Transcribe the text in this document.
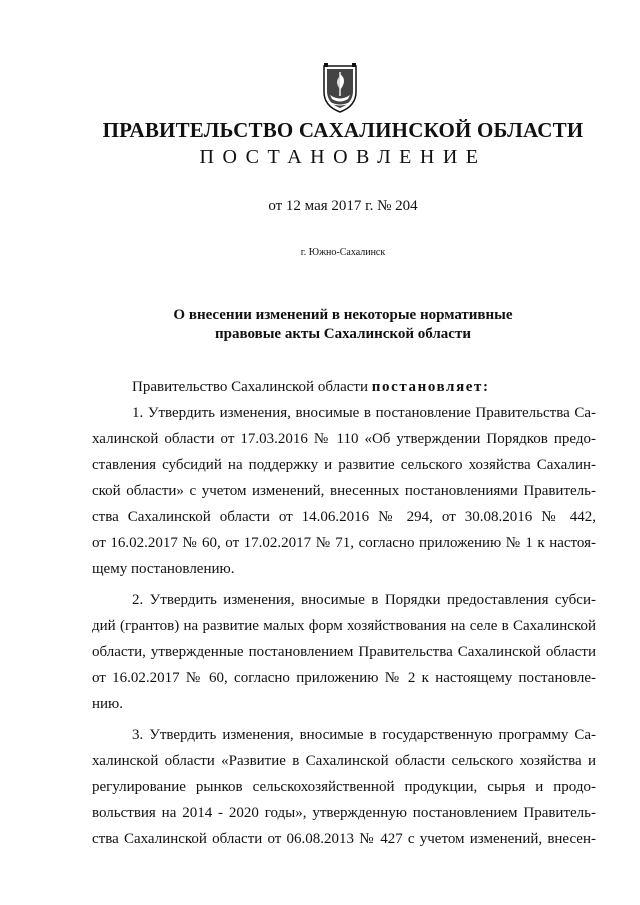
ПРАВИТЕЛЬСТВО САХАЛИНСКОЙ ОБЛАСТИ
ПОСТАНОВЛЕНИЕ
от 12 мая 2017 г. № 204
г. Южно-Сахалинск
О внесении изменений в некоторые нормативные
правовые акты Сахалинской области
Правительство Сахалинской области постановляет:
1. Утвердить изменения, вносимые в постановление Правительства Са-
халинской области от 17.03.2016 № 110 «Об утверждении Порядков предо-
ставления субсидий на поддержку и развитие сельского хозяйства Сахалин-
ской области» с учетом изменений, внесенных постановлениями Правитель-
ства Сахалинской области от 14.06.2016 № 294, от 30.08.2016 № 442,
от 16.02.2017 № 60, от 17.02.2017 № 71, согласно приложению № 1 к настоя-
щему постановлению.
2. Утвердить изменения, вносимые в Порядки предоставления субси-
дий (грантов) на развитие малых форм хозяйствования на селе в Сахалинской
области, утвержденные постановлением Правительства Сахалинской области
от 16.02.2017 № 60, согласно приложению № 2 к настоящему постановле-
нию.
3. Утвердить изменения, вносимые в государственную программу Са-
халинской области «Развитие в Сахалинской области сельского хозяйства и
регулирование рынков сельскохозяйственной продукции, сырья и продо-
вольствия на 2014 - 2020 годы», утвержденную постановлением Правитель-
ства Сахалинской области от 06.08.2013 № 427 с учетом изменений, внесен-
